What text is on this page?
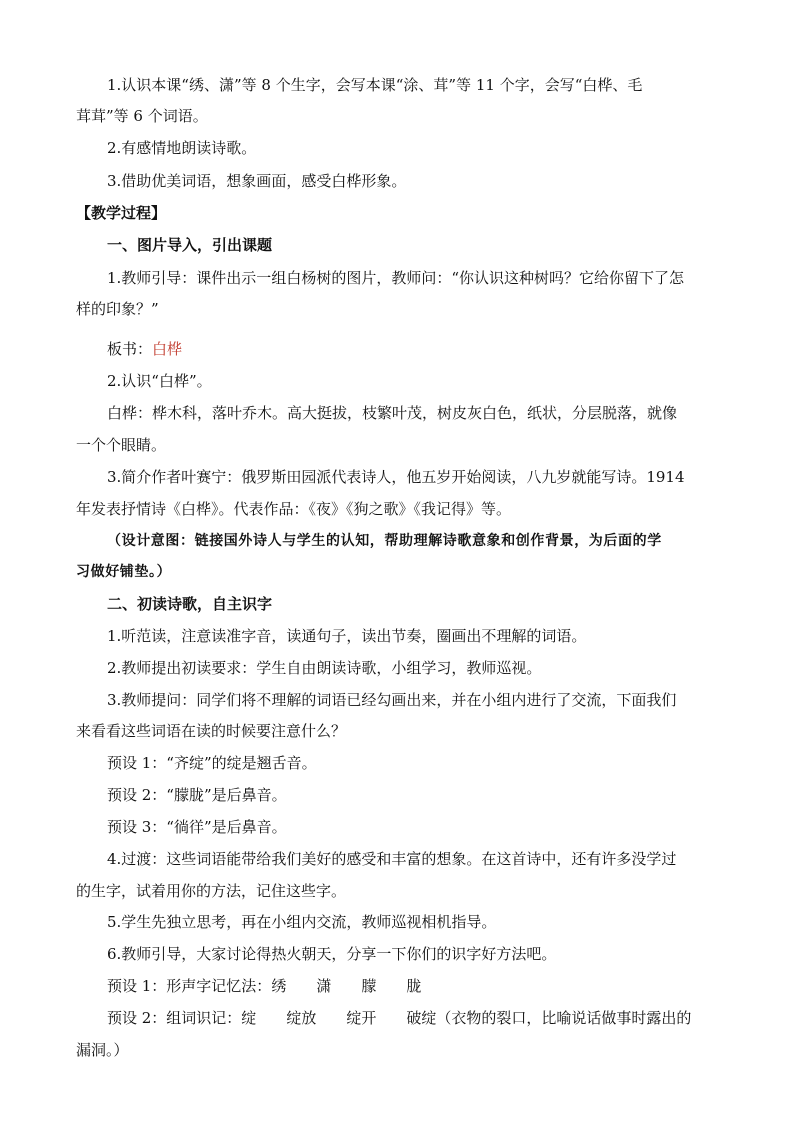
1.认识本课“绣、潇”等 8 个生字，会写本课“涂、茸”等 11 个字，会写“白桦、毛
茸茸”等 6 个词语。
2.有感情地朗读诗歌。
3.借助优美词语，想象画面，感受白桦形象。
【教学过程】
一、图片导入，引出课题
1.教师引导：课件出示一组白杨树的图片，教师问：“你认识这种树吗？它给你留下了怎
样的印象？”
板书：白桦
2.认识“白桦”。
白桦：桦木科，落叶乔木。高大挺拔，枝繁叶茂，树皮灰白色，纸状，分层脱落，就像
一个个眼睛。
3.简介作者叶赛宁：俄罗斯田园派代表诗人，他五岁开始阅读，八九岁就能写诗。1914
年发表抒情诗《白桦》。代表作品：《夜》《狗之歌》《我记得》等。
（设计意图：链接国外诗人与学生的认知，帮助理解诗歌意象和创作背景，为后面的学
习做好铺垫。）
二、初读诗歌，自主识字
1.听范读，注意读准字音，读通句子，读出节奏，圈画出不理解的词语。
2.教师提出初读要求：学生自由朗读诗歌，小组学习，教师巡视。
3.教师提问：同学们将不理解的词语已经勾画出来，并在小组内进行了交流，下面我们
来看看这些词语在读的时候要注意什么？
预设 1：“齐绽”的绽是翘舌音。
预设 2：“朦胧”是后鼻音。
预设 3：“徜徉”是后鼻音。
4.过渡：这些词语能带给我们美好的感受和丰富的想象。在这首诗中，还有许多没学过
的生字，试着用你的方法，记住这些字。
5.学生先独立思考，再在小组内交流，教师巡视相机指导。
6.教师引导，大家讨论得热火朝天，分享一下你们的识字好方法吧。
预设 1：形声字记忆法：绣　　潇　　朦　　胧
预设 2：组词识记：绽　　绽放　　绽开　　破绽（衣物的裂口，比喻说话做事时露出的
漏洞。）
